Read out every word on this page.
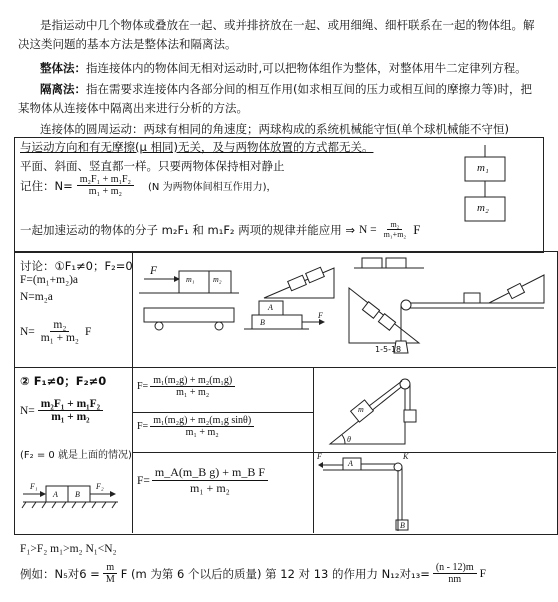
是指运动中几个物体或叠放在一起、或并排挤放在一起、或用细绳、细杆联系在一起的物体组。解决这类问题的基本方法是整体法和隔离法。
整体法：指连接体内的物体间无相对运动时,可以把物体组作为整体，对整体用牛二定律列方程。
隔离法：指在需要求连接体内各部分间的相互作用(如求相互间的压力或相互间的摩擦力等)时，把某物体从连接体中隔离出来进行分析的方法。
连接体的圆周运动：两球有相同的角速度；两球构成的系统机械能守恒(单个球机械能不守恒)
与运动方向和有无摩擦(μ 相同)无关，及与两物体放置的方式都无关。
平面、斜面、竖直都一样。只要两物体保持相对静止
记住：$N= \frac{\text{m₂F₁ + m₁F₂}}{\text{m₁ + m₂}} (N$ 为两物体间相互作用力)，
一起加速运动的物体的分子 m₂F₁ 和 m₁F₂ 两项的规律并能应用 ⇒ $N = \frac{\text{m₂}}{\text{m₁+m₂}}$ F
m₁
m₂
讨论：①F₁≠0；F₂=0
F=(m₁+m₂)a
N=m₂a
$N= \frac{\text{m₂}}{\text{m₁ + m₂}}$ F
F
m₁ m₂
A
B
F
1-5-18
② F₁≠0；F₂≠0
$N= \frac{\text{m₂F₁ + m₁F₂}}{\text{m₁ + m₂}}$
(F₂ = 0 就是上面的情况)
F₁
A B
F₂
$F= \frac{\text{m₁(m₂g) + m₂(m₁g)}}{\text{m₁ + m₂}}$
$F= \frac{\text{m₁(m₂g) + m₂(m₁g sinθ)}}{\text{m₁ + m₂}}$
$F= \frac{\text{m\_A(m\_B g) + m\_B F}}{\text{m₁ + m₂}}$
m
θ
F
A
K
B
F₁>F₂ m₁>m₂ N₁<N₂
例如：N₅对$6 = \frac{m}{M}$ F (m 为第 6 个以后的质量) 第 12 对 13 的作用力 N₁₂对$_{13}= \frac{(n - 12)m}{nm}$ F
